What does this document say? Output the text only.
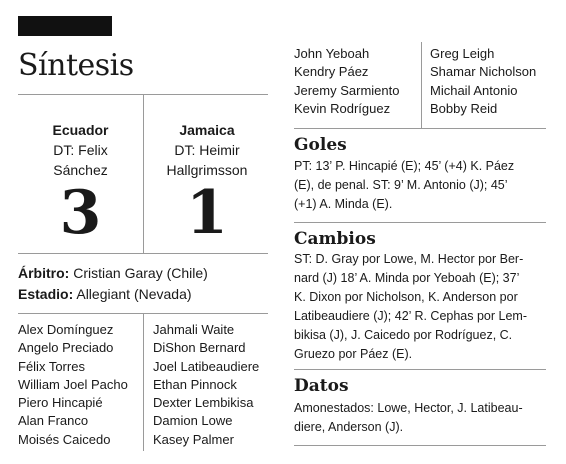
Síntesis
Ecuador
DT: Felix
Sánchez
3
Jamaica
DT: Heimir
Hallgrimsson
1
Árbitro: Cristian Garay (Chile)
Estadio: Allegiant (Nevada)
Alex Domínguez
Angelo Preciado
Félix Torres
William Joel Pacho
Piero Hincapié
Alan Franco
Moisés Caicedo
Jahmali Waite
DiShon Bernard
Joel Latibeaudiere
Ethan Pinnock
Dexter Lembikisa
Damion Lowe
Kasey Palmer
John Yeboah
Kendry Páez
Jeremy Sarmiento
Kevin Rodríguez
Greg Leigh
Shamar Nicholson
Michail Antonio
Bobby Reid
Goles
PT: 13’ P. Hincapié (E); 45’ (+4) K. Páez
(E), de penal. ST: 9’ M. Antonio (J); 45’
(+1) A. Minda (E).
Cambios
ST: D. Gray por Lowe, M. Hector por Ber-
nard (J) 18’ A. Minda por Yeboah (E); 37’
K. Dixon por Nicholson, K. Anderson por
Latibeaudiere (J); 42’ R. Cephas por Lem-
bikisa (J), J. Caicedo por Rodríguez, C.
Gruezo por Páez (E).
Datos
Amonestados: Lowe, Hector, J. Latibeau-
diere, Anderson (J).
